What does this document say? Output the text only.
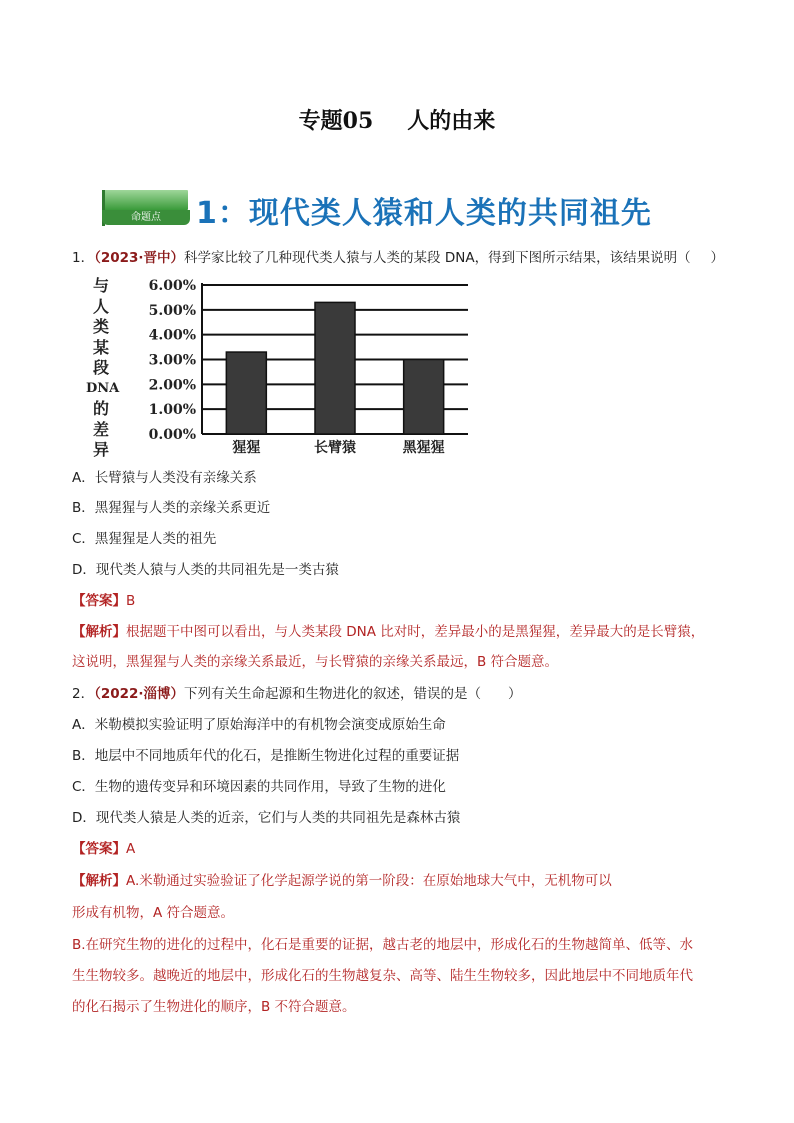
专题05 人的由来
命题点	1：现代类人猿和人类的共同祖先
1．（2023·晋中）科学家比较了几种现代类人猿与人类的某段 DNA，得到下图所示结果，该结果说明（ ）
与
人
类
某
段
DNA
的
差
异
0.00%
1.00%
2.00%
3.00%
4.00%
5.00%
6.00%
猩猩	长臂猿	黑猩猩
A．长臂猿与人类没有亲缘关系
B．黑猩猩与人类的亲缘关系更近
C．黑猩猩是人类的祖先
D．现代类人猿与人类的共同祖先是一类古猿
【答案】B
【解析】根据题干中图可以看出，与人类某段 DNA 比对时，差异最小的是黑猩猩，差异最大的是长臂猿，
这说明，黑猩猩与人类的亲缘关系最近，与长臂猿的亲缘关系最远，B 符合题意。
2．（2022·淄博）下列有关生命起源和生物进化的叙述，错误的是（　　）
A．米勒模拟实验证明了原始海洋中的有机物会演变成原始生命
B．地层中不同地质年代的化石，是推断生物进化过程的重要证据
C．生物的遗传变异和环境因素的共同作用，导致了生物的进化
D．现代类人猿是人类的近亲，它们与人类的共同祖先是森林古猿
【答案】A
【解析】A.米勒通过实验验证了化学起源学说的第一阶段：在原始地球大气中，无机物可以
形成有机物，A 符合题意。
B.在研究生物的进化的过程中，化石是重要的证据，越古老的地层中，形成化石的生物越简单、低等、水
生生物较多。越晚近的地层中，形成化石的生物越复杂、高等、陆生生物较多，因此地层中不同地质年代
的化石揭示了生物进化的顺序，B 不符合题意。
